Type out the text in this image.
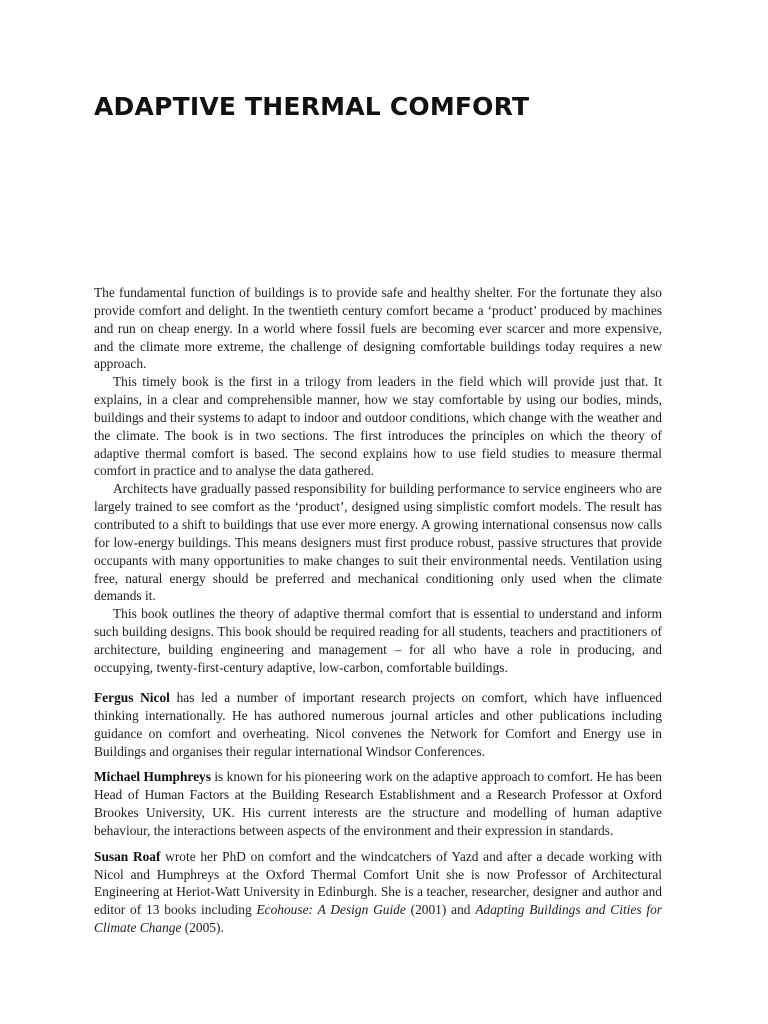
ADAPTIVE THERMAL COMFORT

The fundamental function of buildings is to provide safe and healthy shelter. For the fortunate they also provide comfort and delight. In the twentieth century comfort became a ‘product’ produced by machines and run on cheap energy. In a world where fossil fuels are becoming ever scarcer and more expensive, and the climate more extreme, the challenge of designing comfortable buildings today requires a new approach.

This timely book is the first in a trilogy from leaders in the field which will provide just that. It explains, in a clear and comprehensible manner, how we stay comfortable by using our bodies, minds, buildings and their systems to adapt to indoor and outdoor conditions, which change with the weather and the climate. The book is in two sections. The first introduces the principles on which the theory of adaptive thermal comfort is based. The second explains how to use field studies to measure thermal comfort in practice and to analyse the data gathered.

Architects have gradually passed responsibility for building performance to service engineers who are largely trained to see comfort as the ‘product’, designed using simplistic comfort models. The result has contributed to a shift to buildings that use ever more energy. A growing international consensus now calls for low-energy buildings. This means designers must first produce robust, passive structures that provide occupants with many opportunities to make changes to suit their environmental needs. Ventilation using free, natural energy should be preferred and mechanical conditioning only used when the climate demands it.

This book outlines the theory of adaptive thermal comfort that is essential to understand and inform such building designs. This book should be required reading for all students, teachers and practitioners of architecture, building engineering and management – for all who have a role in producing, and occupying, twenty-first-century adaptive, low-carbon, comfortable buildings.

Fergus Nicol has led a number of important research projects on comfort, which have influenced thinking internationally. He has authored numerous journal articles and other publications including guidance on comfort and overheating. Nicol convenes the Network for Comfort and Energy use in Buildings and organises their regular international Windsor Conferences.

Michael Humphreys is known for his pioneering work on the adaptive approach to comfort. He has been Head of Human Factors at the Building Research Establishment and a Research Professor at Oxford Brookes University, UK. His current interests are the structure and modelling of human adaptive behaviour, the interactions between aspects of the environment and their expression in standards.

Susan Roaf wrote her PhD on comfort and the windcatchers of Yazd and after a decade working with Nicol and Humphreys at the Oxford Thermal Comfort Unit she is now Professor of Architectural Engineering at Heriot-Watt University in Edinburgh. She is a teacher, researcher, designer and author and editor of 13 books including Ecohouse: A Design Guide (2001) and Adapting Buildings and Cities for Climate Change (2005).
